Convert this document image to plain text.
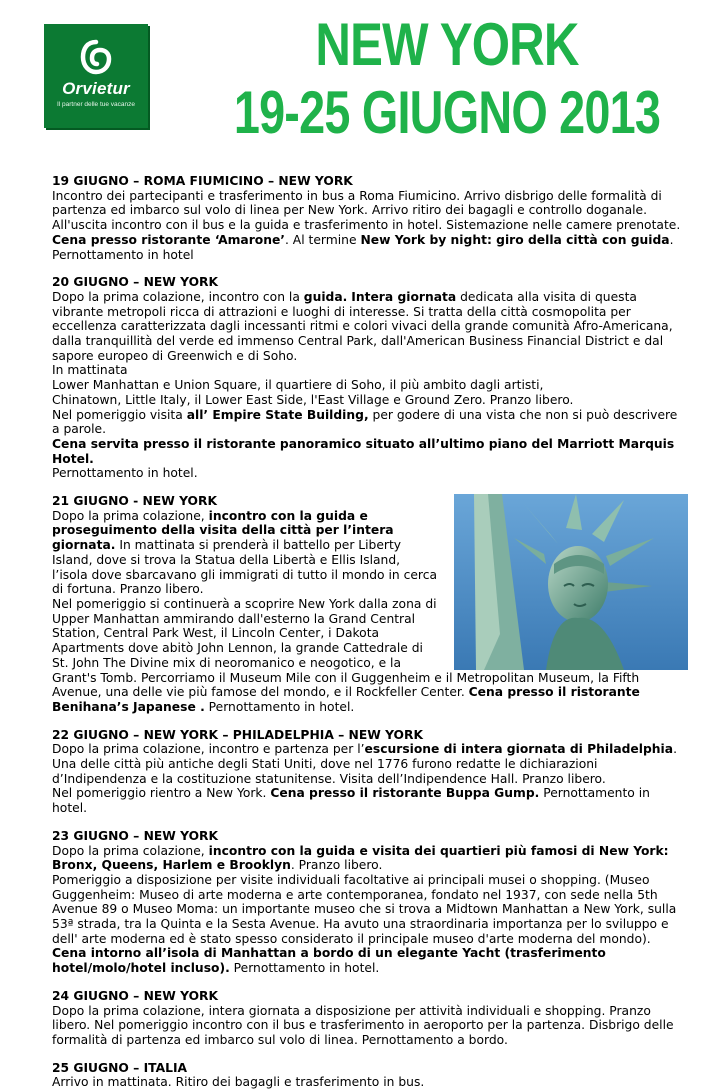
Orvietur
Il partner delle tue vacanze
NEW YORK
19-25 GIUGNO 2013
19 GIUGNO – ROMA FIUMICINO – NEW YORK

Incontro dei partecipanti e trasferimento in bus a Roma Fiumicino. Arrivo disbrigo delle formalità di partenza ed imbarco sul volo di linea per New York. Arrivo ritiro dei bagagli e controllo doganale.

All'uscita incontro con il bus e la guida e trasferimento in hotel. Sistemazione nelle camere prenotate.

Cena presso ristorante ‘Amarone’. Al termine New York by night: giro della città con guida.

Pernottamento in hotel

20 GIUGNO – NEW YORK

Dopo la prima colazione, incontro con la guida. Intera giornata dedicata alla visita di questa vibrante metropoli ricca di attrazioni e luoghi di interesse. Si tratta della città cosmopolita per eccellenza caratterizzata dagli incessanti ritmi e colori vivaci della grande comunità Afro-Americana, dalla tranquillità del verde ed immenso Central Park, dall'American Business Financial District e dal sapore europeo di Greenwich e di Soho.

In mattinata

Lower Manhattan e Union Square, il quartiere di Soho, il più ambito dagli artisti,

Chinatown, Little Italy, il Lower East Side, l'East Village e Ground Zero. Pranzo libero.

Nel pomeriggio visita all’ Empire State Building, per godere di una vista che non si può descrivere a parole.

Cena servita presso il ristorante panoramico situato all’ultimo piano del Marriott Marquis Hotel.

Pernottamento in hotel.

21 GIUGNO - NEW YORK

Dopo la prima colazione, incontro con la guida e proseguimento della visita della città per l’intera giornata. In mattinata si prenderà il battello per Liberty Island, dove si trova la Statua della Libertà e Ellis Island, l’isola dove sbarcavano gli immigrati di tutto il mondo in cerca di fortuna. Pranzo libero.

Nel pomeriggio si continuerà a scoprire New York dalla zona di Upper Manhattan ammirando dall'esterno la Grand Central Station, Central Park West, il Lincoln Center, i Dakota Apartments dove abitò John Lennon, la grande Cattedrale di St. John The Divine mix di neoromanico e neogotico, e la Grant's Tomb. Percorriamo il Museum Mile con il Guggenheim e il Metropolitan Museum, la Fifth Avenue, una delle vie più famose del mondo, e il Rockfeller Center. Cena presso il ristorante Benihana’s Japanese . Pernottamento in hotel.

22 GIUGNO – NEW YORK – PHILADELPHIA – NEW YORK

Dopo la prima colazione, incontro e partenza per l’escursione di intera giornata di Philadelphia. Una delle città più antiche degli Stati Uniti, dove nel 1776 furono redatte le dichiarazioni d’Indipendenza e la costituzione statunitense. Visita dell’Indipendence Hall. Pranzo libero.

Nel pomeriggio rientro a New York. Cena presso il ristorante Buppa Gump. Pernottamento in hotel.

23 GIUGNO – NEW YORK

Dopo la prima colazione, incontro con la guida e visita dei quartieri più famosi di New York: Bronx, Queens, Harlem e Brooklyn. Pranzo libero.

Pomeriggio a disposizione per visite individuali facoltative ai principali musei o shopping. (Museo Guggenheim: Museo di arte moderna e arte contemporanea, fondato nel 1937, con sede nella 5th Avenue 89 o Museo Moma: un importante museo che si trova a Midtown Manhattan a New York, sulla 53ª strada, tra la Quinta e la Sesta Avenue. Ha avuto una straordinaria importanza per lo sviluppo e dell' arte moderna ed è stato spesso considerato il principale museo d'arte moderna del mondo).

Cena intorno all’isola di Manhattan a bordo di un elegante Yacht (trasferimento hotel/molo/hotel incluso). Pernottamento in hotel.

24 GIUGNO – NEW YORK

Dopo la prima colazione, intera giornata a disposizione per attività individuali e shopping. Pranzo libero. Nel pomeriggio incontro con il bus e trasferimento in aeroporto per la partenza. Disbrigo delle formalità di partenza ed imbarco sul volo di linea. Pernottamento a bordo.

25 GIUGNO – ITALIA

Arrivo in mattinata. Ritiro dei bagagli e trasferimento in bus.
